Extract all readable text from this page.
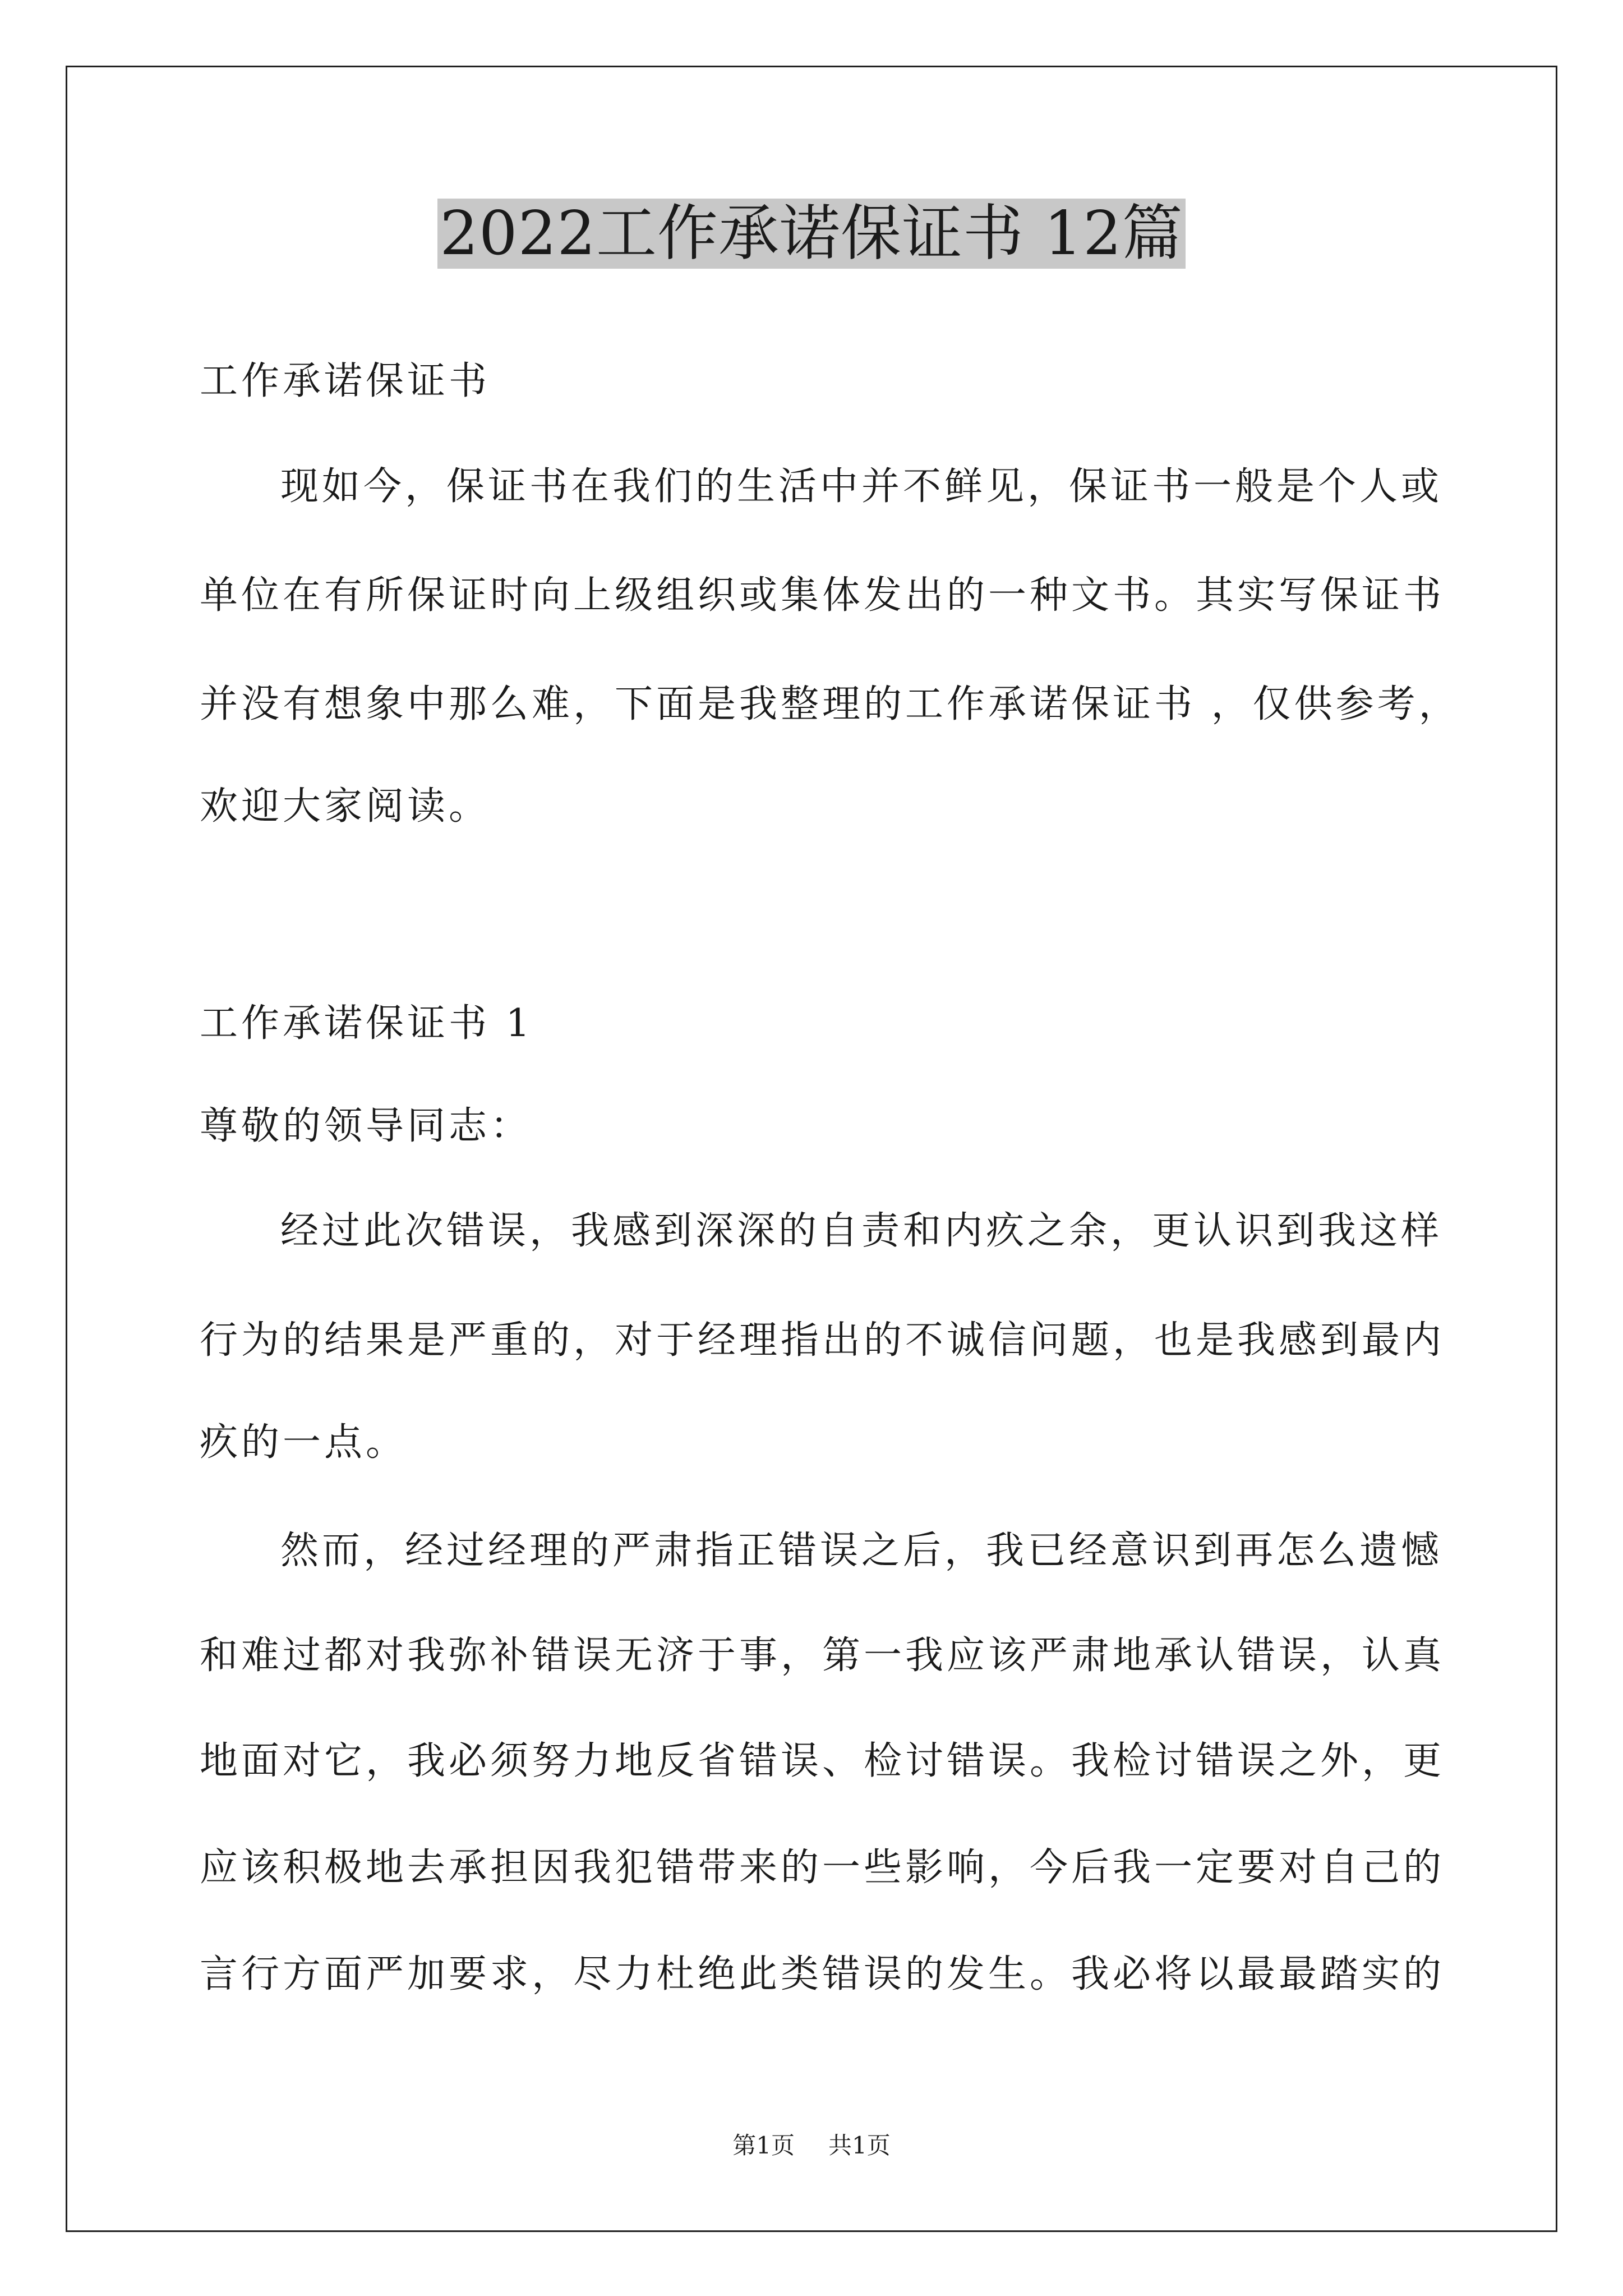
2022工作承诺保证书 12篇
工作承诺保证书
现如今，保证书在我们的生活中并不鲜见，保证书一般是个人或
单位在有所保证时向上级组织或集体发出的一种文书。其实写保证书
并没有想象中那么难，下面是我整理的工作承诺保证书 ，仅供参考，
欢迎大家阅读。
工作承诺保证书 1
尊敬的领导同志：
经过此次错误，我感到深深的自责和内疚之余，更认识到我这样
行为的结果是严重的，对于经理指出的不诚信问题，也是我感到最内
疚的一点。
然而，经过经理的严肃指正错误之后，我已经意识到再怎么遗憾
和难过都对我弥补错误无济于事，第一我应该严肃地承认错误，认真
地面对它，我必须努力地反省错误、检讨错误。我检讨错误之外，更
应该积极地去承担因我犯错带来的一些影响，今后我一定要对自己的
言行方面严加要求，尽力杜绝此类错误的发生。我必将以最最踏实的
第1页 共1页
